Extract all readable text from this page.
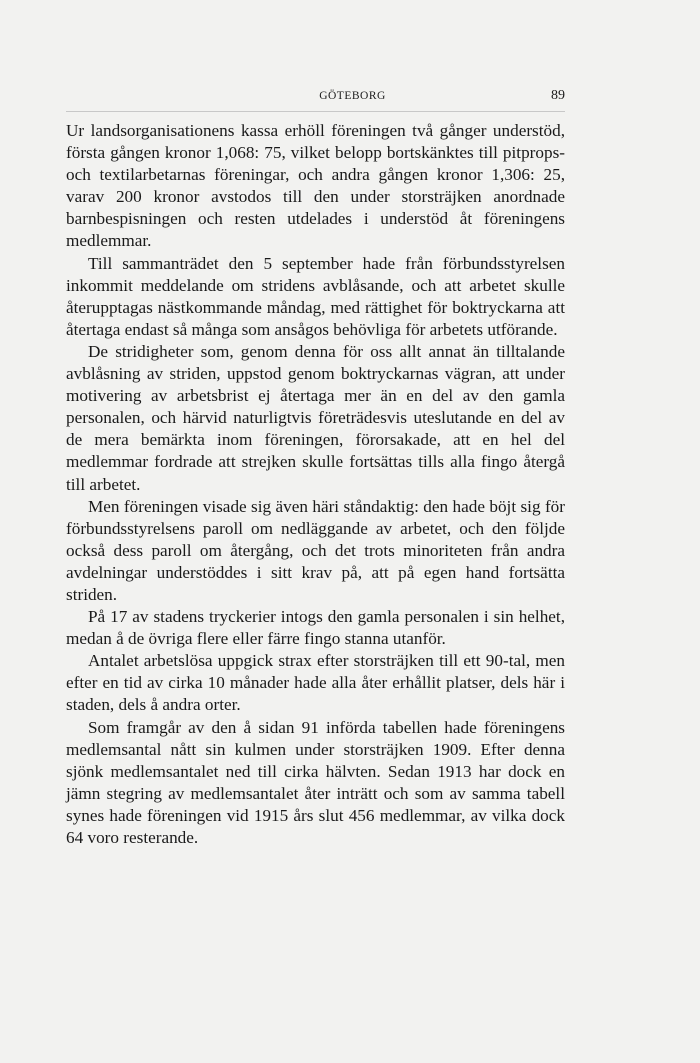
GÖTEBORG	89

Ur landsorganisationens kassa erhöll föreningen två gånger understöd, första gången kronor 1,068: 75, vilket belopp bortskänktes till pitprops- och textilarbetarnas föreningar, och andra gången kronor 1,306: 25, varav 200 kronor avstodos till den under storsträjken anordnade barnbespisningen och resten utdelades i understöd åt föreningens medlemmar.

Till sammanträdet den 5 september hade från förbundsstyrelsen inkommit meddelande om stridens avblåsande, och att arbetet skulle återupptagas nästkommande måndag, med rättighet för boktryckarna att återtaga endast så många som ansågos behövliga för arbetets utförande.

De stridigheter som, genom denna för oss allt annat än tilltalande avblåsning av striden, uppstod genom boktryckarnas vägran, att under motivering av arbetsbrist ej återtaga mer än en del av den gamla personalen, och härvid naturligtvis företrädesvis uteslutande en del av de mera bemärkta inom föreningen, förorsakade, att en hel del medlemmar fordrade att strejken skulle fortsättas tills alla fingo återgå till arbetet.

Men föreningen visade sig även häri ståndaktig: den hade böjt sig för förbundsstyrelsens paroll om nedläggande av arbetet, och den följde också dess paroll om återgång, och det trots minoriteten från andra avdelningar understöddes i sitt krav på, att på egen hand fortsätta striden.

På 17 av stadens tryckerier intogs den gamla personalen i sin helhet, medan å de övriga flere eller färre fingo stanna utanför.

Antalet arbetslösa uppgick strax efter storsträjken till ett 90-tal, men efter en tid av cirka 10 månader hade alla åter erhållit platser, dels här i staden, dels å andra orter.

Som framgår av den å sidan 91 införda tabellen hade föreningens medlemsantal nått sin kulmen under storsträjken 1909. Efter denna sjönk medlemsantalet ned till cirka hälvten. Sedan 1913 har dock en jämn stegring av medlemsantalet åter inträtt och som av samma tabell synes hade föreningen vid 1915 års slut 456 medlemmar, av vilka dock 64 voro resterande.
